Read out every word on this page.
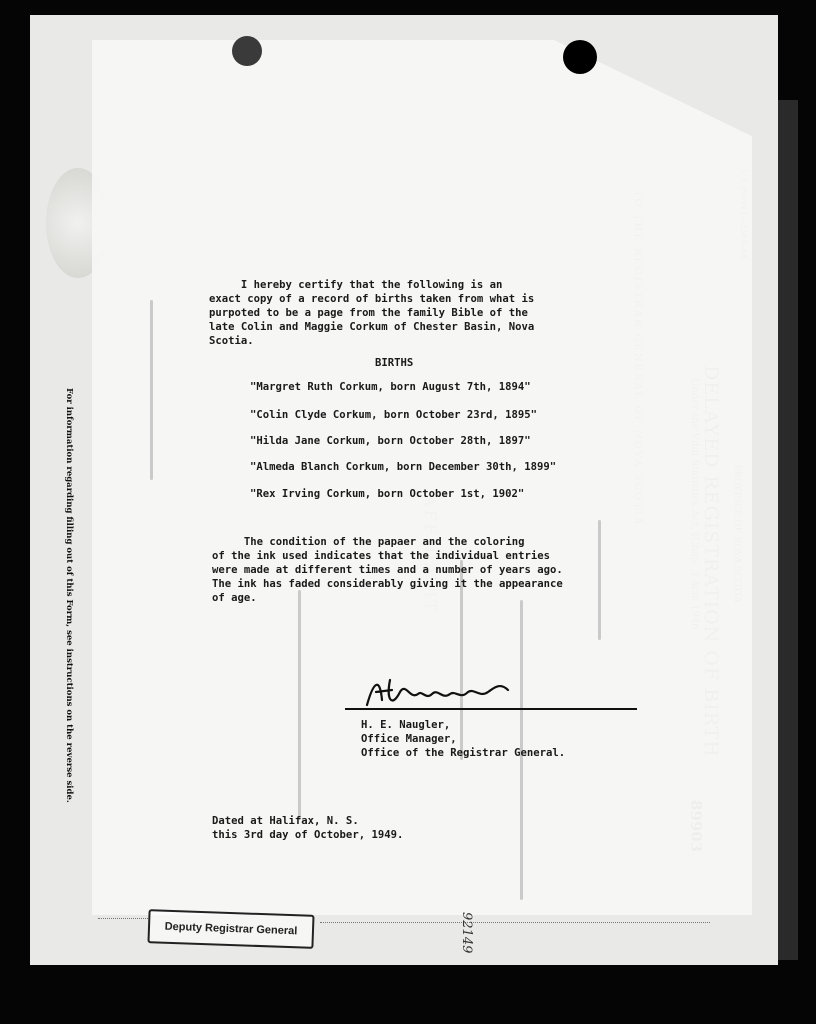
For information regarding filling out of this Form, see instructions on the reverse side.
I hereby certify that the following is an
exact copy of a record of births taken from what is
purpoted to be a page from the family Bible of the
late Colin and Maggie Corkum of Chester Basin, Nova
Scotia.
BIRTHS
"Margret Ruth Corkum, born August 7th, 1894"
"Colin Clyde Corkum, born October 23rd, 1895"
"Hilda Jane Corkum, born October 28th, 1897"
"Almeda Blanch Corkum, born December 30th, 1899"
"Rex Irving Corkum, born October 1st, 1902"
The condition of the papaer and the coloring
of the ink used indicates that the individual entries
were made at different times and a number of years ago.
The ink has faded considerably giving it the appearance
of age.
H. E. Naugler,
Office Manager,
Office of the Registrar General.
Dated at Halifax, N. S.
this 3rd day of October, 1949.
Deputy Registrar General	92149
